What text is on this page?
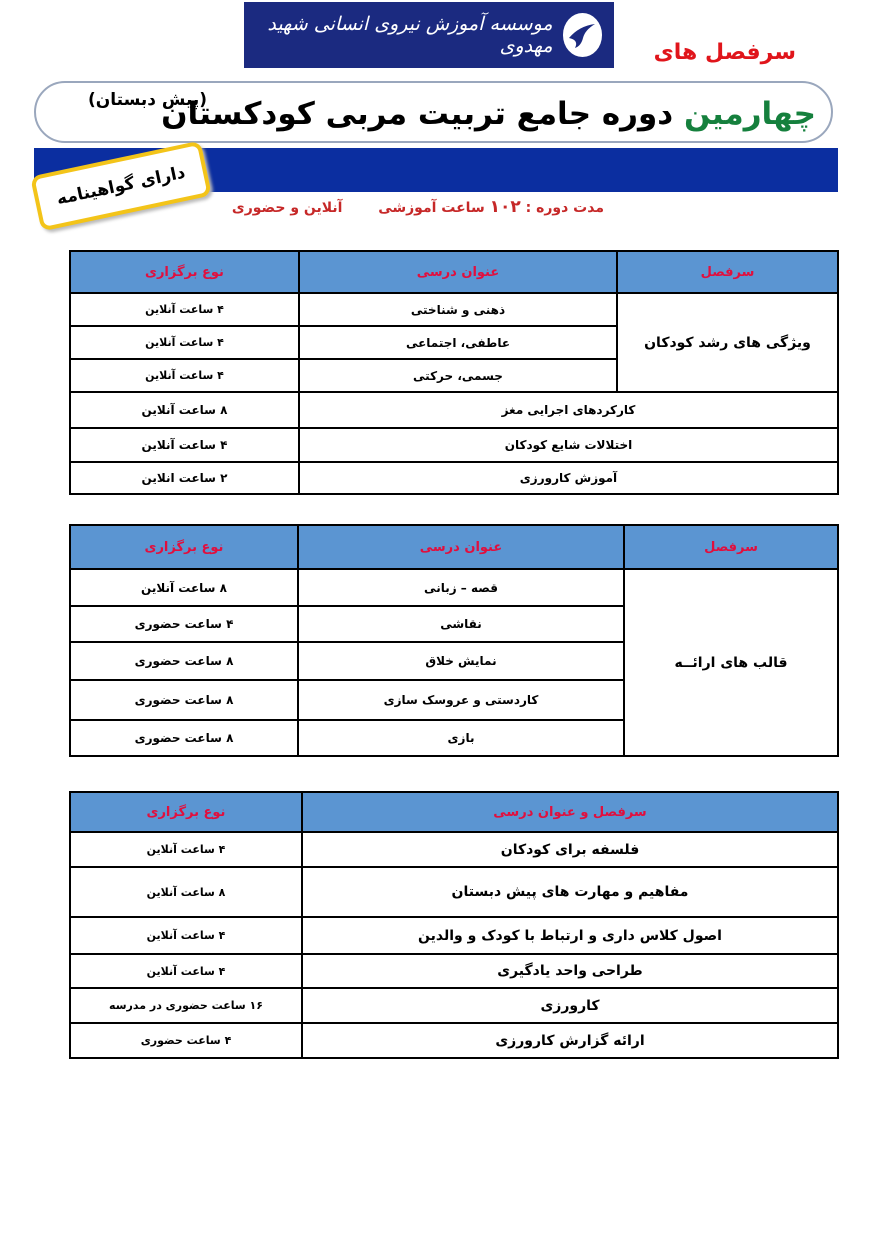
موسسه آموزش نیروی انسانی شهید مهدوی	سرفصل های
چهارمین دوره جامع تربیت مربی کودکستان
(پیش دبستان)
دارای گواهینامه	مدت دوره : ۱۰۲ ساعت آموزشی  آنلاین و حضوری
سرفصل	عنوان درسی	نوع برگزاری
ویژگی های رشد کودکان	ذهنی و شناختی	۴ ساعت آنلاین
	عاطفی، اجتماعی	۴ ساعت آنلاین
	جسمی، حرکتی	۴ ساعت آنلاین
کارکردهای اجرایی مغز		۸ ساعت آنلاین
اختلالات شایع کودکان		۴ ساعت آنلاین
آموزش کارورزی		۲ ساعت انلاین
سرفصل	عنوان درسی	نوع برگزاری
قالب های ارائــه	قصه – زبانی	۸ ساعت آنلاین
	نقاشی	۴ ساعت حضوری
	نمایش خلاق	۸ ساعت حضوری
	کاردستی و عروسک سازی	۸ ساعت حضوری
	بازی	۸ ساعت حضوری
سرفصل و عنوان درسی	نوع برگزاری
فلسفه برای کودکان	۴ ساعت آنلاین
مفاهیم و مهارت های پیش دبستان	۸ ساعت آنلاین
اصول کلاس داری و ارتباط با کودک و والدین	۴ ساعت آنلاین
طراحی واحد یادگیری	۴ ساعت آنلاین
کارورزی	۱۶ ساعت حضوری در مدرسه
ارائه گزارش کارورزی	۴ ساعت حضوری
